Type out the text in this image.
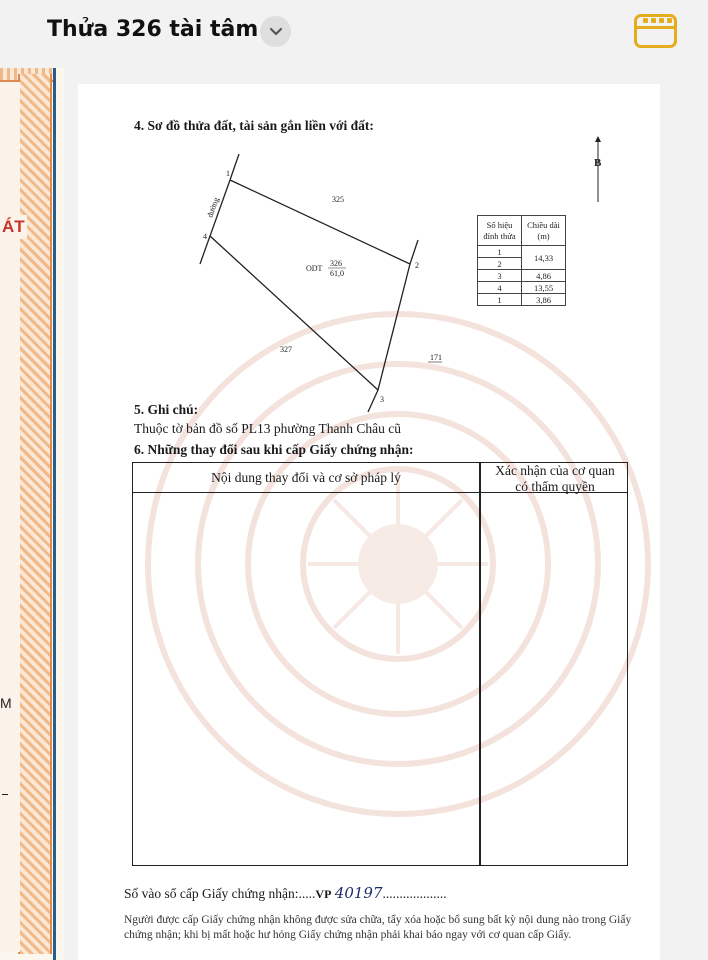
Thửa 326 tài tâm
ÁT
M
4. Sơ đồ thửa đất, tài sản gắn liền với đất:
B
đường	325
327
171
ODT
326
61,0
1
2
3
4
Số hiệu đỉnh thửa	Chiều dài (m)
1	14,33
2	
3	4,86
4	13,55
1	3,86
5. Ghi chú:
Thuộc tờ bản đồ số PL13 phường Thanh Châu cũ
6. Những thay đổi sau khi cấp Giấy chứng nhận:
Nội dung thay đổi và cơ sở pháp lý	Xác nhận của cơ quan
có thẩm quyền
Số vào sổ cấp Giấy chứng nhận:.....VP 40197...................
Người được cấp Giấy chứng nhận không được sửa chữa, tẩy xóa hoặc bổ sung bất kỳ nội dung nào trong Giấy chứng nhận; khi bị mất hoặc hư hỏng Giấy chứng nhận phải khai báo ngay với cơ quan cấp Giấy.
